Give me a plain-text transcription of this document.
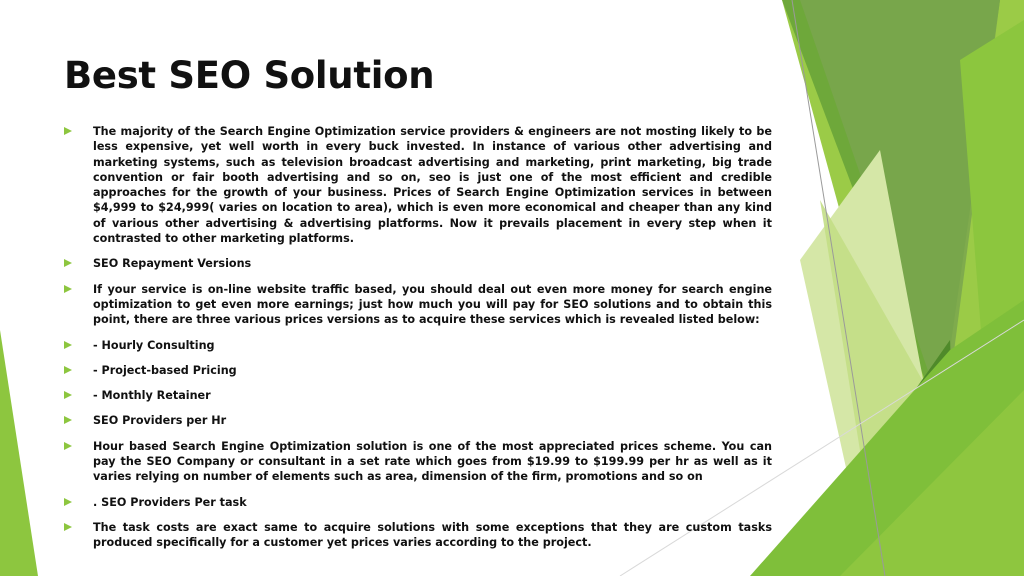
Best SEO Solution
The majority of the Search Engine Optimization service providers & engineers are not mosting likely to be less expensive, yet well worth in every buck invested. In instance of various other advertising and marketing systems, such as television broadcast advertising and marketing, print marketing, big trade convention or fair booth advertising and so on, seo is just one of the most efficient and credible approaches for the growth of your business. Prices of Search Engine Optimization services in between $4,999 to $24,999( varies on location to area), which is even more economical and cheaper than any kind of various other advertising & advertising platforms. Now it prevails placement in every step when it contrasted to other marketing platforms.
SEO Repayment Versions
If your service is on-line website traffic based, you should deal out even more money for search engine optimization to get even more earnings; just how much you will pay for SEO solutions and to obtain this point, there are three various prices versions as to acquire these services which is revealed listed below:
- Hourly Consulting
- Project-based Pricing
- Monthly Retainer
SEO Providers per Hr
Hour based Search Engine Optimization solution is one of the most appreciated prices scheme. You can pay the SEO Company or consultant in a set rate which goes from $19.99 to $199.99 per hr as well as it varies relying on number of elements such as area, dimension of the firm, promotions and so on
. SEO Providers Per task
The task costs are exact same to acquire solutions with some exceptions that they are custom tasks produced specifically for a customer yet prices varies according to the project.
